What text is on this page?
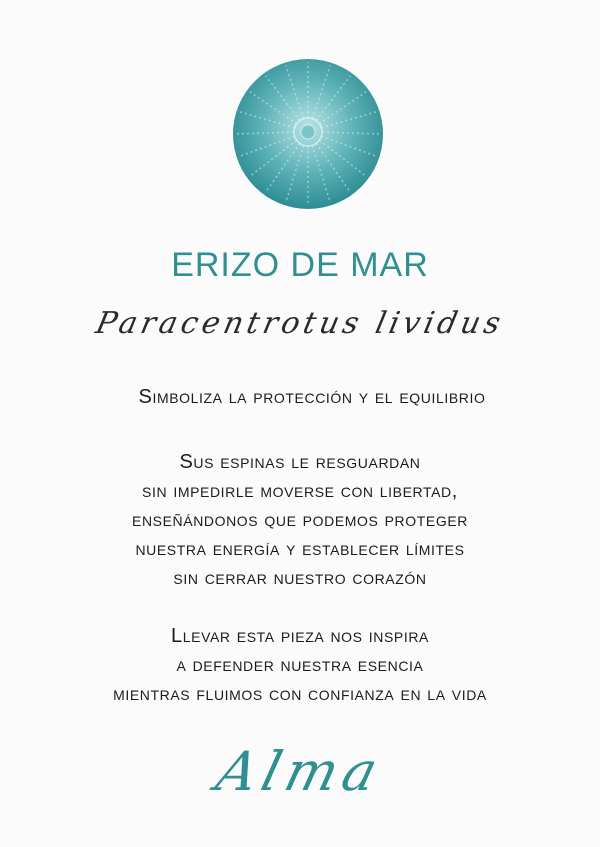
ERIZO DE MAR
Paracentrotus lividus
Simboliza la protección y el equilibrio
Sus espinas le resguardan
sin impedirle moverse con libertad,
enseñándonos que podemos proteger
nuestra energía y establecer límites
sin cerrar nuestro corazón
Llevar esta pieza nos inspira
a defender nuestra esencia
mientras fluimos con confianza en la vida
Alma
